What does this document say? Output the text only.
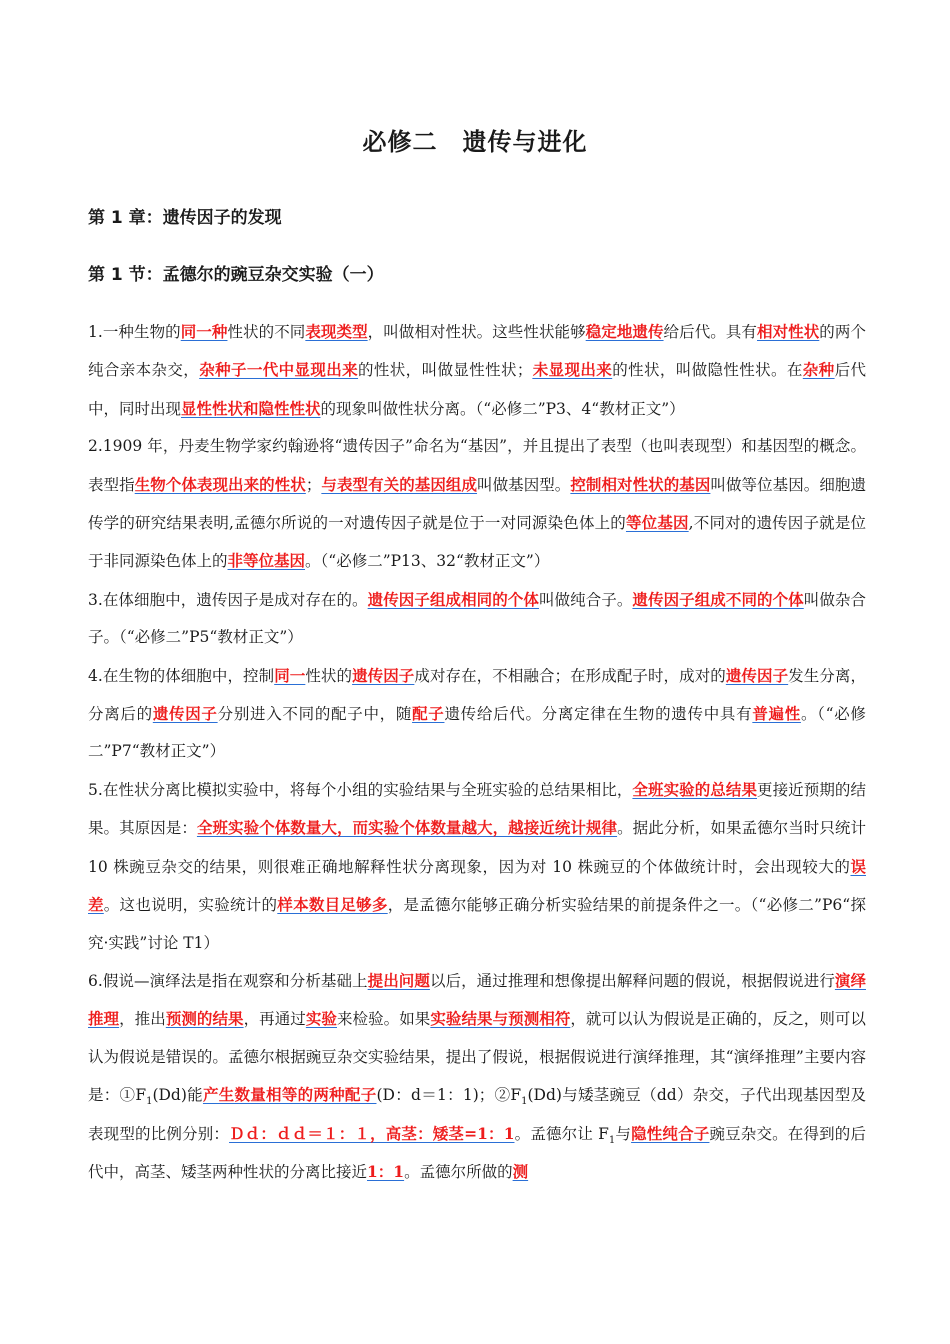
必修二　遗传与进化
第 1 章：遗传因子的发现
第 1 节：孟德尔的豌豆杂交实验（一）

1.一种生物的同一种性状的不同表现类型，叫做相对性状。这些性状能够稳定地遗传给后代。具有相对性状的两个纯合亲本杂交，杂种子一代中显现出来的性状，叫做显性性状；未显现出来的性状，叫做隐性性状。在杂种后代中，同时出现显性性状和隐性性状的现象叫做性状分离。（“必修二”P3、4“教材正文”）

2.1909 年，丹麦生物学家约翰逊将“遗传因子”命名为“基因”，并且提出了表型（也叫表现型）和基因型的概念。表型指生物个体表现出来的性状；与表型有关的基因组成叫做基因型。控制相对性状的基因叫做等位基因。细胞遗传学的研究结果表明,孟德尔所说的一对遗传因子就是位于一对同源染色体上的等位基因,不同对的遗传因子就是位于非同源染色体上的非等位基因。（“必修二”P13、32“教材正文”）

3.在体细胞中，遗传因子是成对存在的。遗传因子组成相同的个体叫做纯合子。遗传因子组成不同的个体叫做杂合子。（“必修二”P5“教材正文”）

4.在生物的体细胞中，控制同一性状的遗传因子成对存在，不相融合；在形成配子时，成对的遗传因子发生分离，分离后的遗传因子分别进入不同的配子中，随配子遗传给后代。分离定律在生物的遗传中具有普遍性。（“必修二”P7“教材正文”）

5.在性状分离比模拟实验中，将每个小组的实验结果与全班实验的总结果相比，全班实验的总结果更接近预期的结果。其原因是：全班实验个体数量大，而实验个体数量越大，越接近统计规律。据此分析，如果孟德尔当时只统计 10 株豌豆杂交的结果，则很难正确地解释性状分离现象，因为对 10 株豌豆的个体做统计时，会出现较大的误差。这也说明，实验统计的样本数目足够多，是孟德尔能够正确分析实验结果的前提条件之一。（“必修二”P6“探究·实践”讨论 T1）

6.假说—演绎法是指在观察和分析基础上提出问题以后，通过推理和想像提出解释问题的假说，根据假说进行演绎推理，推出预测的结果，再通过实验来检验。如果实验结果与预测相符，就可以认为假说是正确的，反之，则可以认为假说是错误的。孟德尔根据豌豆杂交实验结果，提出了假说，根据假说进行演绎推理，其“演绎推理”主要内容是：$①F_1(Dd)$能产生数量相等的两种配子(D：d＝1：1)；$②F_1(Dd)$与矮茎豌豆（dd）杂交，子代出现基因型及表现型的比例分别：Ｄｄ：ｄｄ＝１：１，高茎：矮茎=1：1。孟德尔让 $F_1$与隐性纯合子豌豆杂交。在得到的后代中，高茎、矮茎两种性状的分离比接近1：1。孟德尔所做的测
